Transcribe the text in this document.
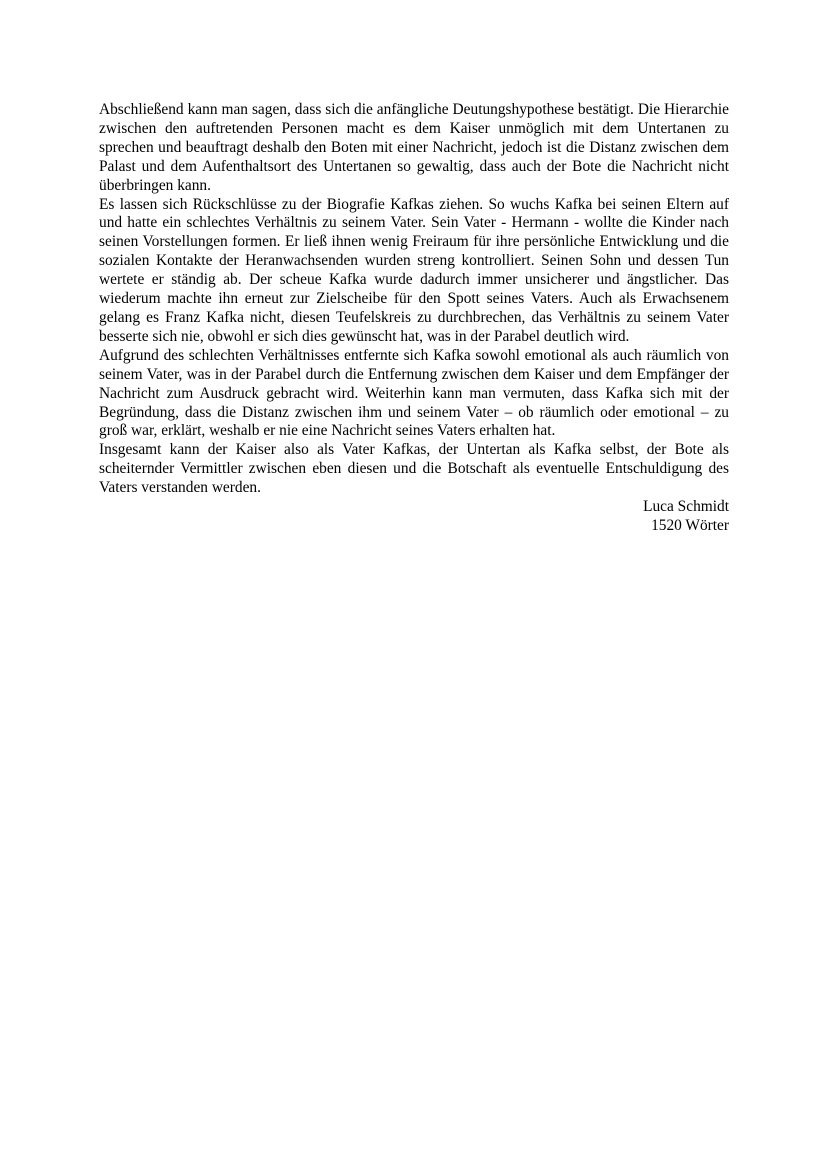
Abschließend kann man sagen, dass sich die anfängliche Deutungshypothese bestätigt. Die Hierarchie zwischen den auftretenden Personen macht es dem Kaiser unmöglich mit dem Untertanen zu sprechen und beauftragt deshalb den Boten mit einer Nachricht, jedoch ist die Distanz zwischen dem Palast und dem Aufenthaltsort des Untertanen so gewaltig, dass auch der Bote die Nachricht nicht überbringen kann.

Es lassen sich Rückschlüsse zu der Biografie Kafkas ziehen. So wuchs Kafka bei seinen Eltern auf und hatte ein schlechtes Verhältnis zu seinem Vater. Sein Vater - Hermann - wollte die Kinder nach seinen Vorstellungen formen. Er ließ ihnen wenig Freiraum für ihre persönliche Entwicklung und die sozialen Kontakte der Heranwachsenden wurden streng kontrolliert. Seinen Sohn und dessen Tun wertete er ständig ab. Der scheue Kafka wurde dadurch immer unsicherer und ängstlicher. Das wiederum machte ihn erneut zur Zielscheibe für den Spott seines Vaters. Auch als Erwachsenem gelang es Franz Kafka nicht, diesen Teufelskreis zu durchbrechen, das Verhältnis zu seinem Vater besserte sich nie, obwohl er sich dies gewünscht hat, was in der Parabel deutlich wird.

Aufgrund des schlechten Verhältnisses entfernte sich Kafka sowohl emotional als auch räumlich von seinem Vater, was in der Parabel durch die Entfernung zwischen dem Kaiser und dem Empfänger der Nachricht zum Ausdruck gebracht wird. Weiterhin kann man vermuten, dass Kafka sich mit der Begründung, dass die Distanz zwischen ihm und seinem Vater – ob räumlich oder emotional – zu groß war, erklärt, weshalb er nie eine Nachricht seines Vaters erhalten hat.

Insgesamt kann der Kaiser also als Vater Kafkas, der Untertan als Kafka selbst, der Bote als scheiternder Vermittler zwischen eben diesen und die Botschaft als eventuelle Entschuldigung des Vaters verstanden werden.

Luca Schmidt
1520 Wörter
